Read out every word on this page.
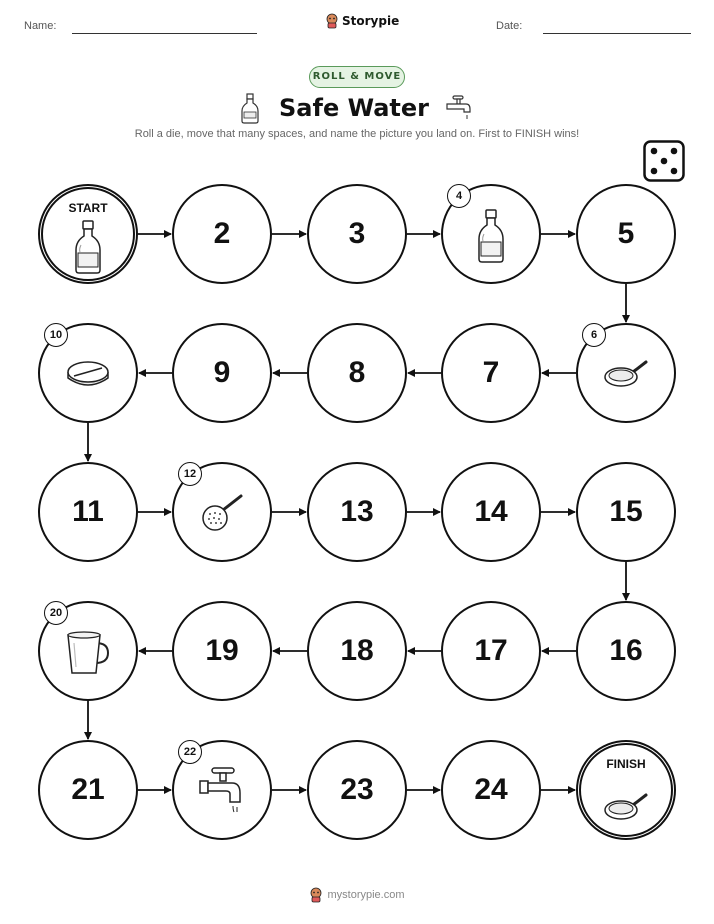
Name:	Storypie	Date:
ROLL & MOVE
Safe Water
Roll a die, move that many spaces, and name the picture you land on. First to FINISH wins!
START
2	3
4
5
6
7
8
9
10
11
12
13	14	15
16
17
18
19
20
21
22
23	24
FINISH
mystorypie.com
